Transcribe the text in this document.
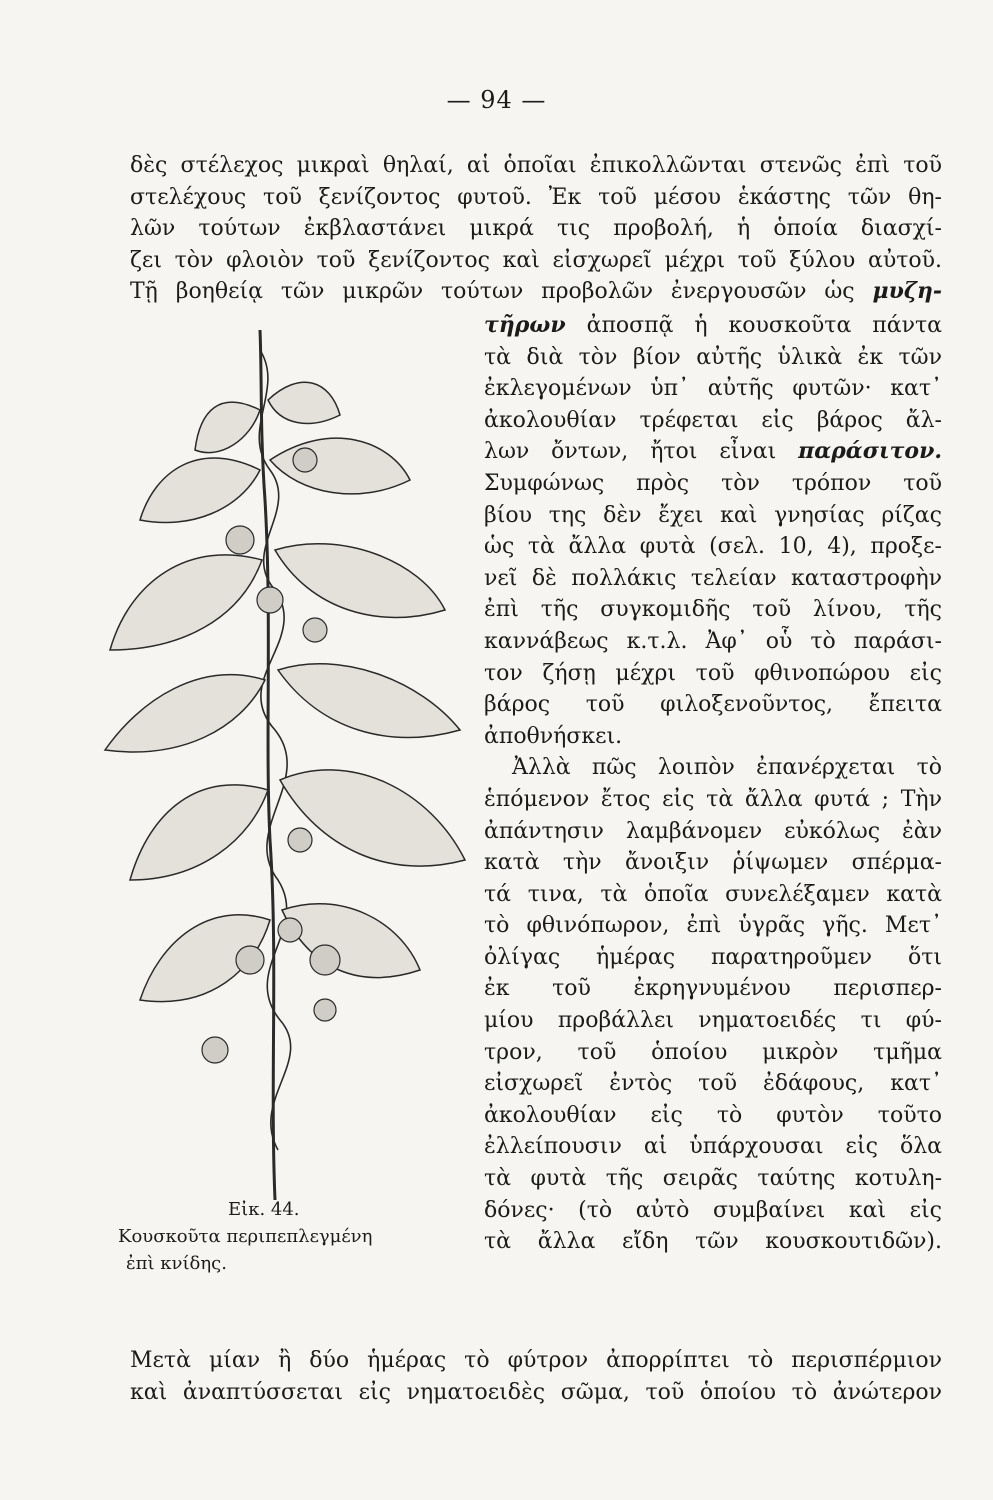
— 94 —
δὲς στέλεχος μικραὶ θηλαί, αἱ ὁποῖαι ἐπικολλῶνται στενῶς ἐπὶ τοῦ
στελέχους τοῦ ξενίζοντος φυτοῦ. Ἐκ τοῦ μέσου ἑκάστης τῶν θη-
λῶν τούτων ἐκβλαστάνει μικρά τις προβολή, ἡ ὁποία διασχί-
ζει τὸν φλοιὸν τοῦ ξενίζοντος καὶ εἰσχωρεῖ μέχρι τοῦ ξύλου αὐτοῦ.
Τῇ βοηθείᾳ τῶν μικρῶν τούτων προβολῶν ἐνεργουσῶν ὡς μυζη-
τῆρων ἀποσπᾷ ἡ κουσκοῦτα πάντα
τὰ διὰ τὸν βίον αὐτῆς ὑλικὰ ἐκ τῶν
ἐκλεγομένων ὑπ᾽ αὐτῆς φυτῶν· κατ᾽
ἀκολουθίαν τρέφεται εἰς βάρος ἄλ-
λων ὄντων, ἤτοι εἶναι παράσιτον.
Συμφώνως πρὸς τὸν τρόπον τοῦ
βίου της δὲν ἔχει καὶ γνησίας ρίζας
ὡς τὰ ἄλλα φυτὰ (σελ. 10, 4), προξε-
νεῖ δὲ πολλάκις τελείαν καταστροφὴν
ἐπὶ τῆς συγκομιδῆς τοῦ λίνου, τῆς
καννάβεως κ.τ.λ. Ἀφ᾽ οὗ τὸ παράσι-
τον ζήσῃ μέχρι τοῦ φθινοπώρου εἰς
βάρος τοῦ φιλοξενοῦντος, ἔπειτα
ἀποθνήσκει.
Ἀλλὰ πῶς λοιπὸν ἐπανέρχεται τὸ
ἑπόμενον ἔτος εἰς τὰ ἄλλα φυτά ; Τὴν
ἀπάντησιν λαμβάνομεν εὐκόλως ἐὰν
κατὰ τὴν ἄνοιξιν ῥίψωμεν σπέρμα-
τά τινα, τὰ ὁποῖα συνελέξαμεν κατὰ
τὸ φθινόπωρον, ἐπὶ ὑγρᾶς γῆς. Μετ᾽
ὀλίγας ἡμέρας παρατηροῦμεν ὅτι
ἐκ τοῦ ἐκρηγνυμένου περισπερ-
μίου προβάλλει νηματοειδές τι φύ-
τρον, τοῦ ὁποίου μικρὸν τμῆμα
εἰσχωρεῖ ἐντὸς τοῦ ἐδάφους, κατ᾽
ἀκολουθίαν εἰς τὸ φυτὸν τοῦτο
ἐλλείπουσιν αἱ ὑπάρχουσαι εἰς ὅλα
τὰ φυτὰ τῆς σειρᾶς ταύτης κοτυλη-
δόνες· (τὸ αὐτὸ συμβαίνει καὶ εἰς
τὰ ἄλλα εἴδη τῶν κουσκουτιδῶν).
Εἰκ. 44.
Κουσκοῦτα περιπεπλεγμένη
ἐπὶ κνίδης.
Μετὰ μίαν ἢ δύο ἡμέρας τὸ φύτρον ἀπορρίπτει τὸ περισπέρμιον
καὶ ἀναπτύσσεται εἰς νηματοειδὲς σῶμα, τοῦ ὁποίου τὸ ἀνώτερον
